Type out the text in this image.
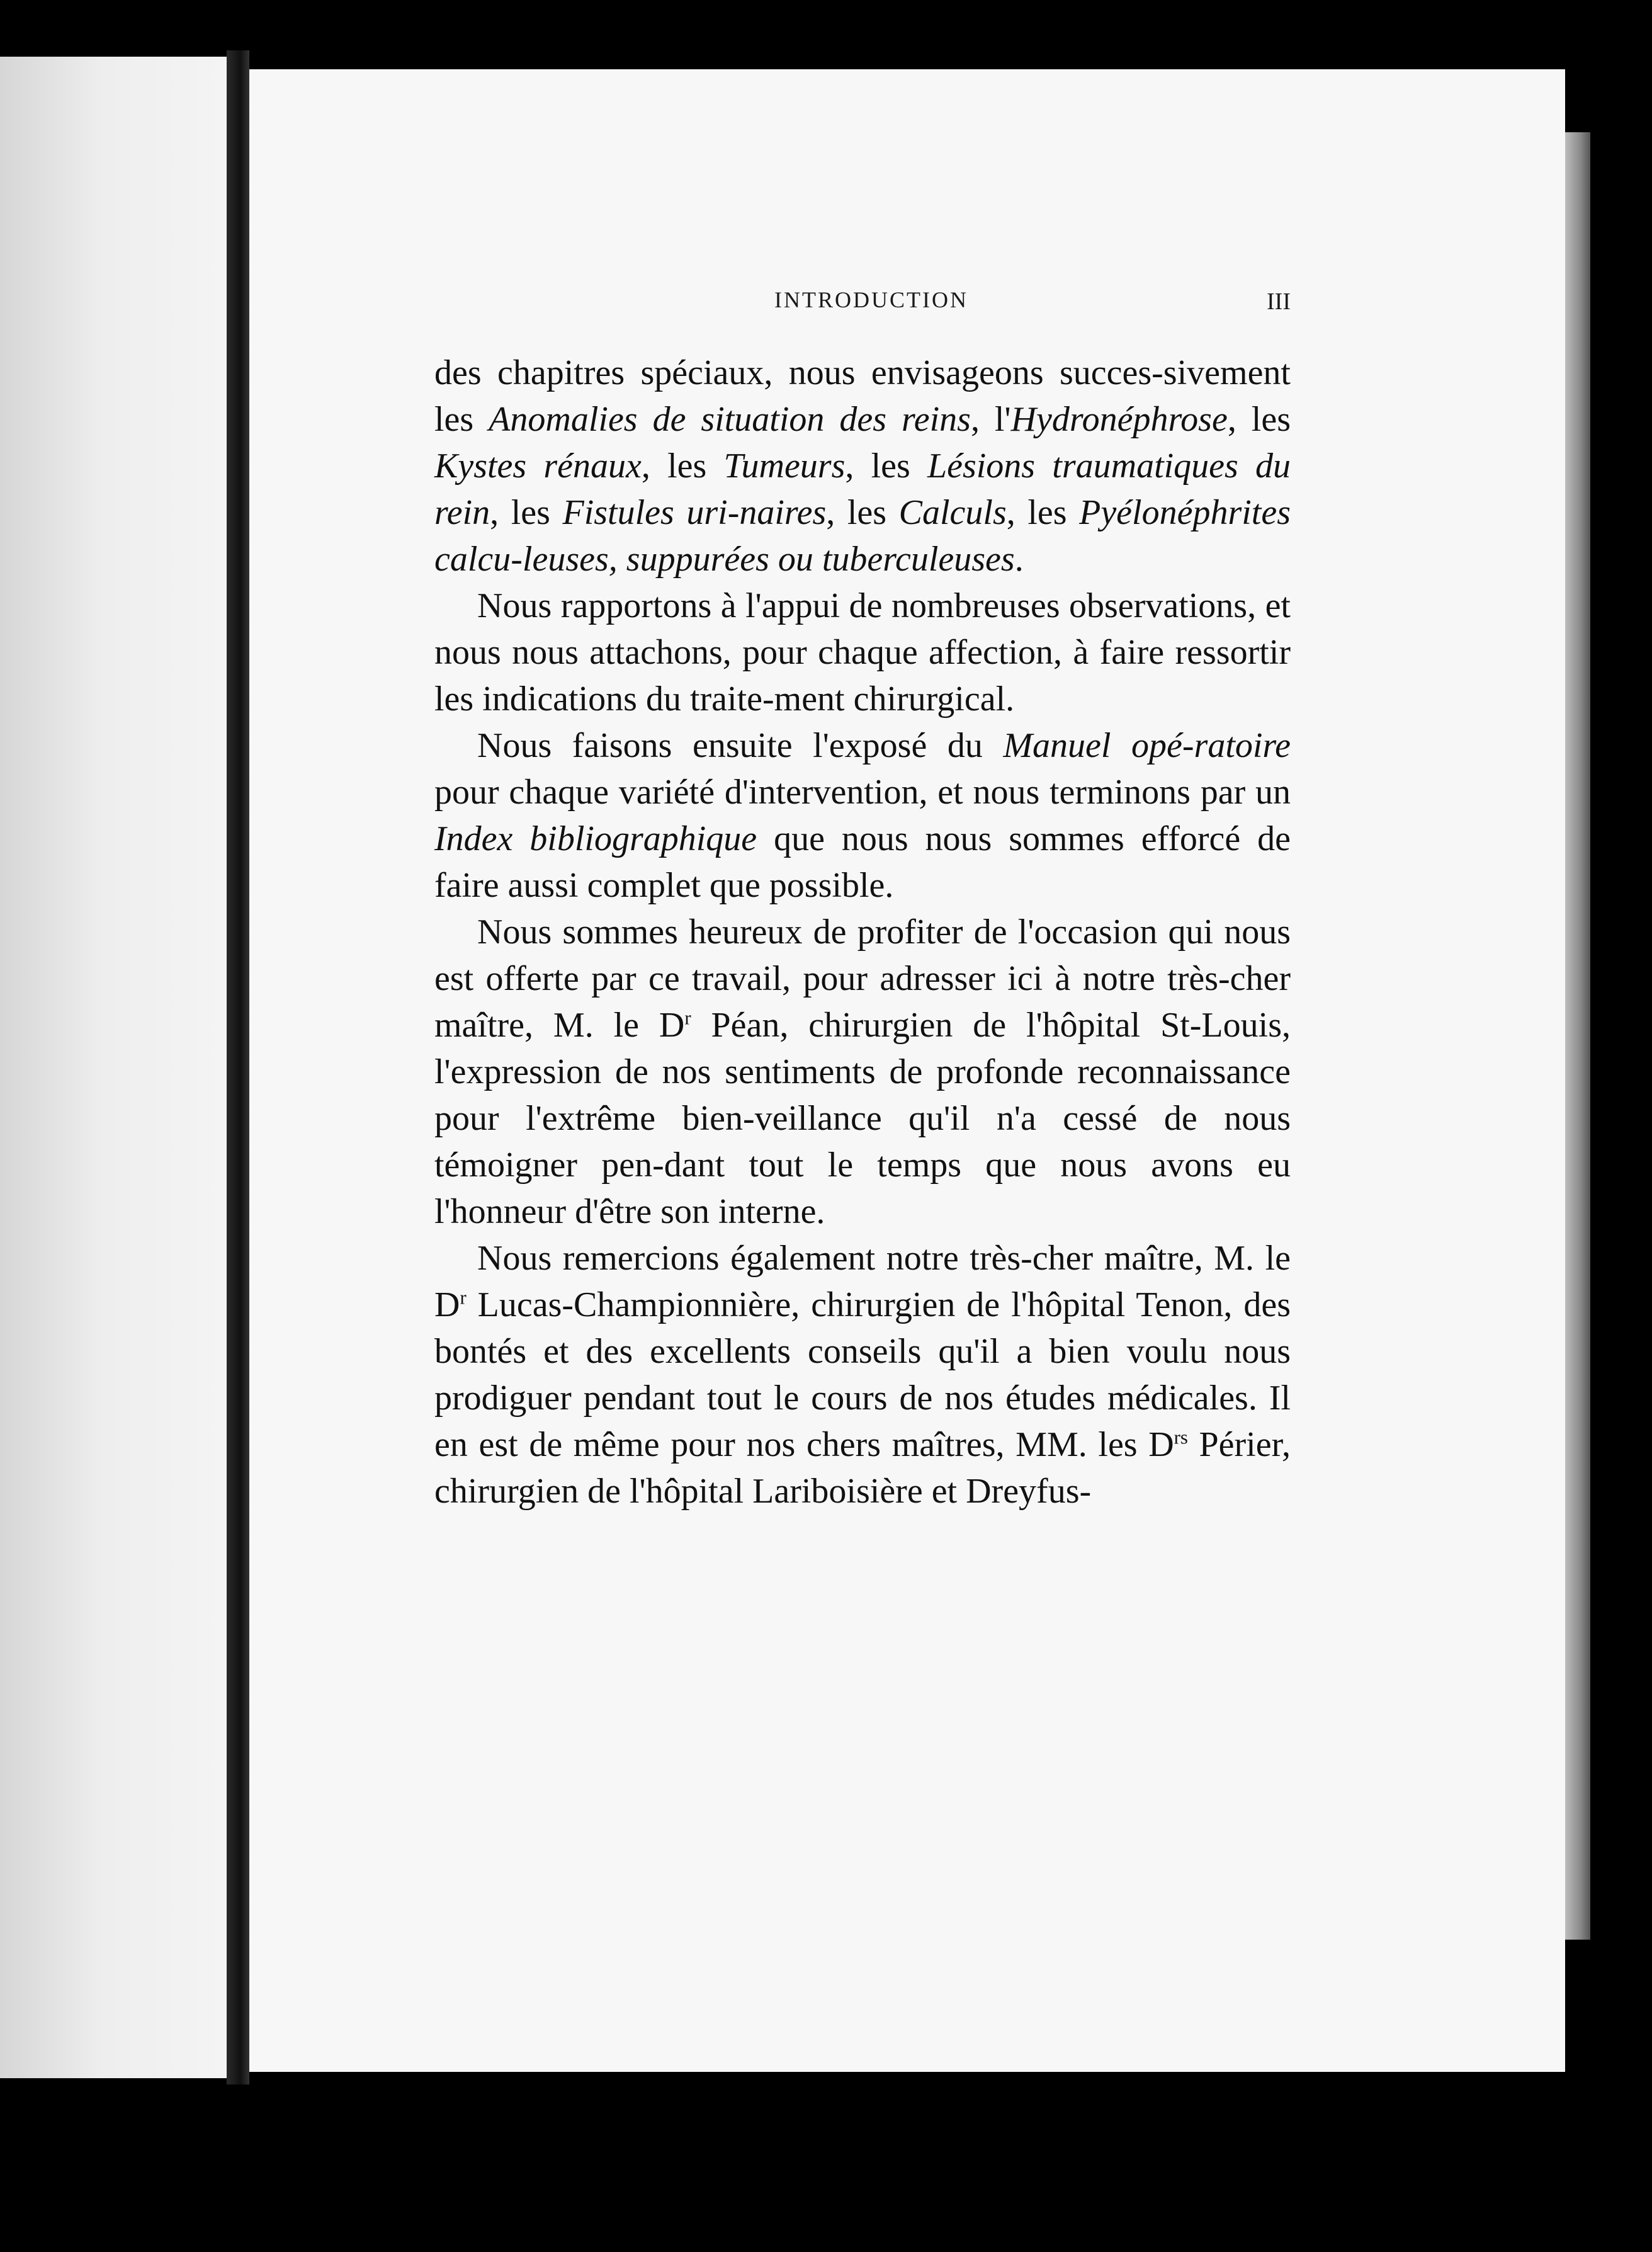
INTRODUCTION	III

des chapitres spéciaux, nous envisageons succes-sivement les Anomalies de situation des reins, l'Hydronéphrose, les Kystes rénaux, les Tumeurs, les Lésions traumatiques du rein, les Fistules uri-naires, les Calculs, les Pyélonéphrites calcu-leuses, suppurées ou tuberculeuses.

Nous rapportons à l'appui de nombreuses observations, et nous nous attachons, pour chaque affection, à faire ressortir les indications du traite-ment chirurgical.

Nous faisons ensuite l'exposé du Manuel opé-ratoire pour chaque variété d'intervention, et nous terminons par un Index bibliographique que nous nous sommes efforcé de faire aussi complet que possible.

Nous sommes heureux de profiter de l'occasion qui nous est offerte par ce travail, pour adresser ici à notre très-cher maître, M. le $D^r$ Péan, chirurgien de l'hôpital St-Louis, l'expression de nos sentiments de profonde reconnaissance pour l'extrême bien-veillance qu'il n'a cessé de nous témoigner pen-dant tout le temps que nous avons eu l'honneur d'être son interne.

Nous remercions également notre très-cher maître, M. le $D^r$ Lucas-Championnière, chirurgien de l'hôpital Tenon, des bontés et des excellents conseils qu'il a bien voulu nous prodiguer pendant tout le cours de nos études médicales. Il en est de même pour nos chers maîtres, MM. les $D^{rs}$ Périer, chirurgien de l'hôpital Lariboisière et Dreyfus-
